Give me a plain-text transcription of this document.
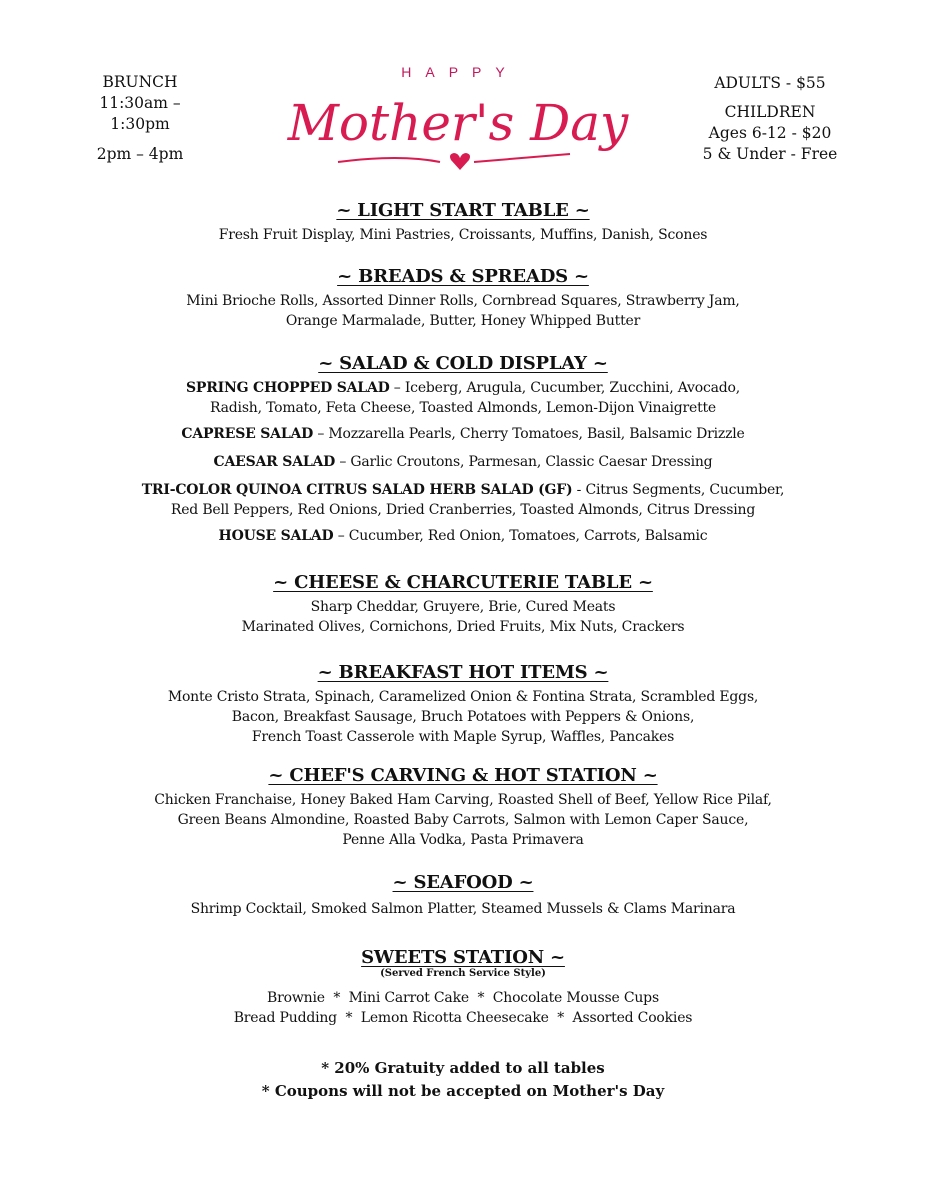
BRUNCH
11:30am –
1:30pm
2pm – 4pm
HAPPY
Mother's Day
ADULTS - $55
CHILDREN
Ages 6-12 - $20
5 & Under - Free
~ LIGHT START TABLE ~
Fresh Fruit Display, Mini Pastries, Croissants, Muffins, Danish, Scones
~ BREADS & SPREADS ~
Mini Brioche Rolls, Assorted Dinner Rolls, Cornbread Squares, Strawberry Jam,
Orange Marmalade, Butter, Honey Whipped Butter
~ SALAD & COLD DISPLAY ~
SPRING CHOPPED SALAD – Iceberg, Arugula, Cucumber, Zucchini, Avocado,
Radish, Tomato, Feta Cheese, Toasted Almonds, Lemon-Dijon Vinaigrette
CAPRESE SALAD – Mozzarella Pearls, Cherry Tomatoes, Basil, Balsamic Drizzle
CAESAR SALAD – Garlic Croutons, Parmesan, Classic Caesar Dressing
TRI-COLOR QUINOA CITRUS SALAD HERB SALAD (GF) - Citrus Segments, Cucumber,
Red Bell Peppers, Red Onions, Dried Cranberries, Toasted Almonds, Citrus Dressing
HOUSE SALAD – Cucumber, Red Onion, Tomatoes, Carrots, Balsamic
~ CHEESE & CHARCUTERIE TABLE ~
Sharp Cheddar, Gruyere, Brie, Cured Meats
Marinated Olives, Cornichons, Dried Fruits, Mix Nuts, Crackers
~ BREAKFAST HOT ITEMS ~
Monte Cristo Strata, Spinach, Caramelized Onion & Fontina Strata, Scrambled Eggs,
Bacon, Breakfast Sausage, Bruch Potatoes with Peppers & Onions,
French Toast Casserole with Maple Syrup, Waffles, Pancakes
~ CHEF'S CARVING & HOT STATION ~
Chicken Franchaise, Honey Baked Ham Carving, Roasted Shell of Beef, Yellow Rice Pilaf,
Green Beans Almondine, Roasted Baby Carrots, Salmon with Lemon Caper Sauce,
Penne Alla Vodka, Pasta Primavera
~ SEAFOOD ~
Shrimp Cocktail, Smoked Salmon Platter, Steamed Mussels & Clams Marinara
SWEETS STATION ~
(Served French Service Style)
Brownie  *  Mini Carrot Cake  *  Chocolate Mousse Cups
Bread Pudding  *  Lemon Ricotta Cheesecake  *  Assorted Cookies
* 20% Gratuity added to all tables
* Coupons will not be accepted on Mother's Day
